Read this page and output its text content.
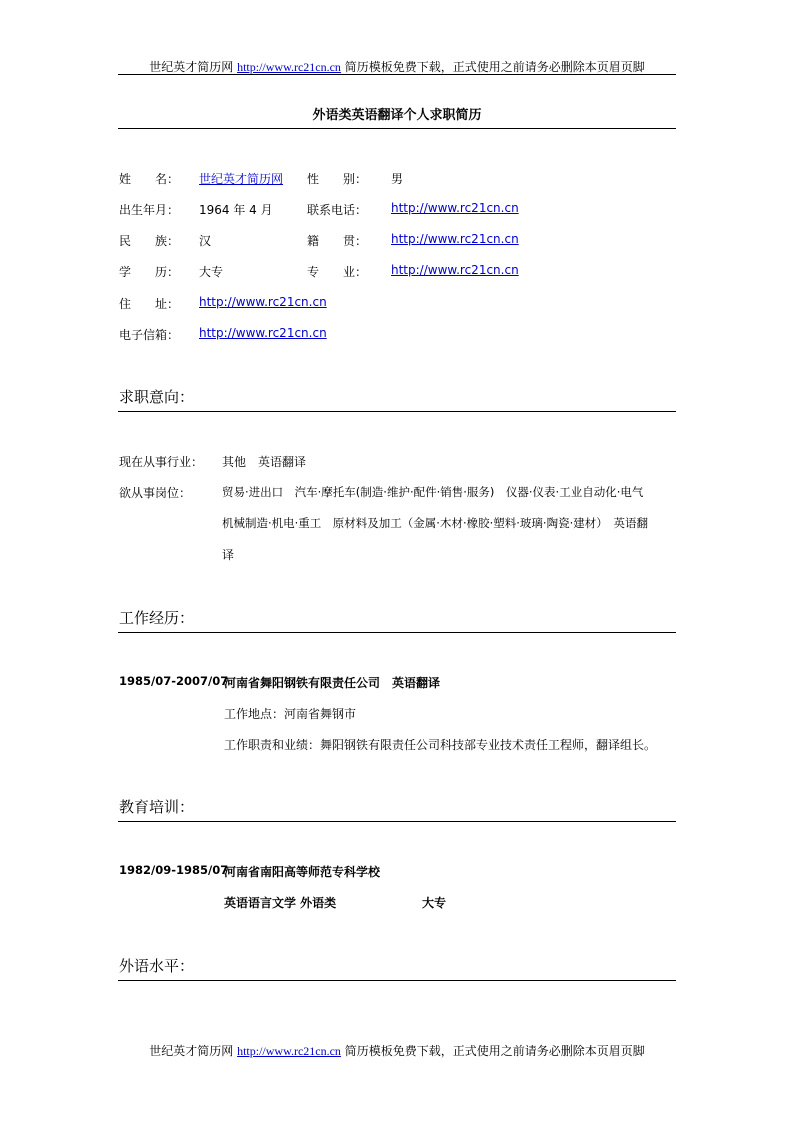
世纪英才简历网 http://www.rc21cn.cn 简历模板免费下载，正式使用之前请务必删除本页眉页脚
外语类英语翻译个人求职简历
姓　　名： 世纪英才简历网 性　　别： 男
出生年月： 1964 年 4 月	联系电话： http://www.rc21cn.cn
民　　族： 汉	籍　　贯： http://www.rc21cn.cn
学　　历： 大专	专　　业： http://www.rc21cn.cn
住　　址： http://www.rc21cn.cn
电子信箱： http://www.rc21cn.cn
求职意向：
现在从事行业： 其他　英语翻译
欲从事岗位：	贸易·进出口　汽车·摩托车(制造·维护·配件·销售·服务)　仪器·仪表·工业自动化·电气
机械制造·机电·重工　原材料及加工（金属·木材·橡胶·塑料·玻璃·陶瓷·建材）　英语翻
译
工作经历：
1985/07-2007/07
河南省舞阳钢铁有限责任公司　英语翻译
工作地点：河南省舞钢市
工作职责和业绩：舞阳钢铁有限责任公司科技部专业技术责任工程师，翻译组长。
教育培训：
1982/09-1985/07
河南省南阳高等师范专科学校
英语语言文学 外语类	大专
外语水平：
世纪英才简历网 http://www.rc21cn.cn 简历模板免费下载，正式使用之前请务必删除本页眉页脚
